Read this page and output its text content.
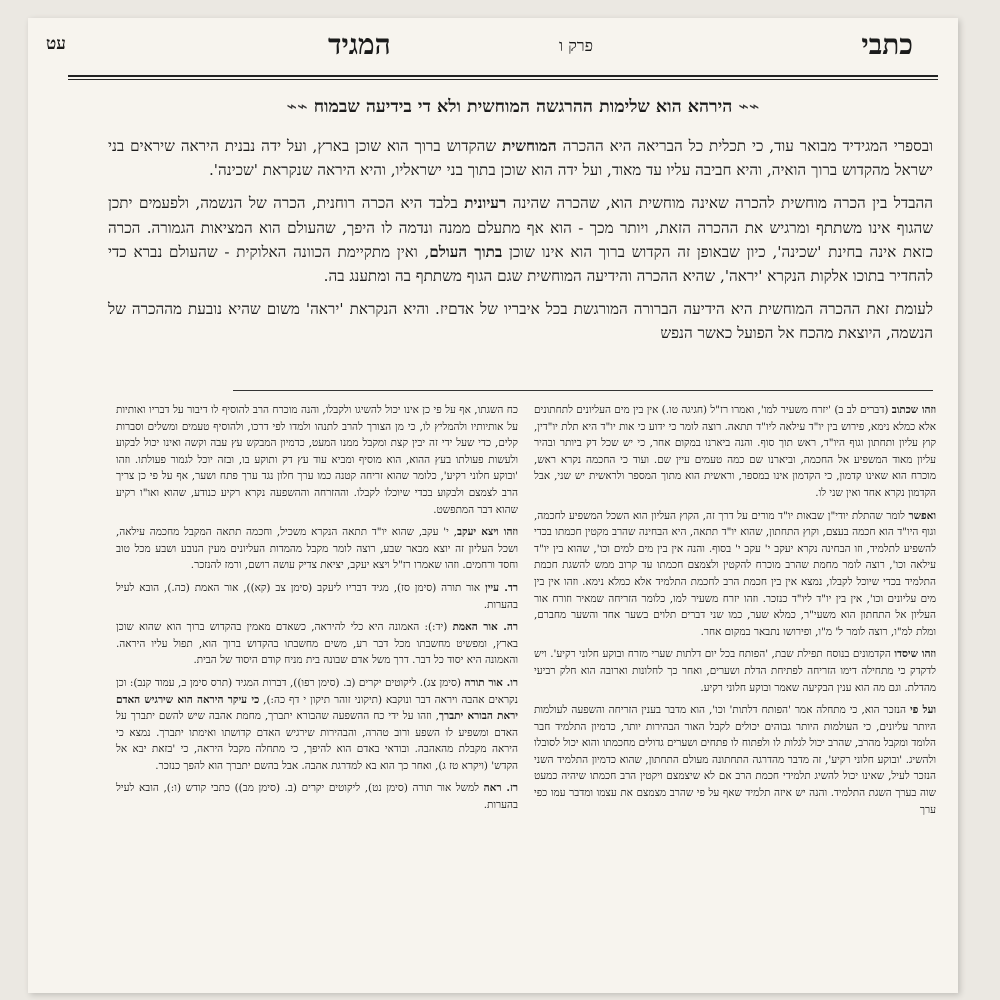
כתבי
פרק ו
המגיד
עט
⌁⌁ הירהא הוא שלימות ההרגשה המוחשית ולא די בידיעה שבמוח ⌁⌁

ובספרי המגידיד מבואר עוד, כי תכלית כל הבריאה היא ההכרה המוחשית שהקדוש ברוך הוא שוכן בארץ, ועל ידה נבנית היראה שיראים בני ישראל מהקדוש ברוך הואיה, והיא חביבה עליו עד מאוד, ועל ידה הוא שוכן בתוך בני ישראליו, והיא היראה שנקראת 'שכינה'.

ההבדל בין הכרה מוחשית להכרה שאינה מוחשית הוא, שהכרה שהינה רעיונית בלבד היא הכרה רוחנית, הכרה של הנשמה, ולפעמים יתכן שהגוף אינו משתתף ומרגיש את ההכרה הזאת, ויותר מכך - הוא אף מתעלם ממנה ונדמה לו היפך, שהעולם הוא המציאות הגמורה. הכרה כזאת אינה בחינת 'שכינה', כיון שבאופן זה הקדוש ברוך הוא אינו שוכן בתוך העולם, ואין מתקיימת הכוונה האלוקית - שהעולם נברא כדי להחדיר בתוכו אלקות הנקרא 'יראה', שהיא ההכרה והידיעה המוחשית שגם הגוף משתתף בה ומתענג בה.

לעומת זאת ההכרה המוחשית היא הידיעה הברורה המורגשת בכל איבריו של אדםיז. והיא הנקראת 'יראה' משום שהיא נובעת מההכרה של הנשמה, היוצאת מהכח אל הפועל כאשר הנפש

וזהו שכתוב (דברים לב ב) 'יזרח משעיר למו', ואמרו רז"ל (חגיגה טו.) אין בין מים העליונים לתחתונים אלא כמלא נימא, פירוש בין יו"ד עילאה ליו"ד תתאה. רוצה לומר כי ידוע כי אות יו"ד היא תלת יו"דין, קוץ עליון ותחתון וגוף היו"ד, ראש תוך סוף. והנה ביארנו במקום אחר, כי יש שכל דק ביותר ובהיר עליון מאוד המשפיע אל החכמה, וביארנו שם כמה טעמים עיין שם. ועוד כי החכמה נקרא ראש, מוכרח הוא שאינו קדמון, כי הקדמון אינו במספר, וראשית הוא מתוך המספר ולראשית יש שני, אבל הקדמון נקרא אחד ואין שני לו.

ואפשר לומר שהתלת יודי"ן שבאות יו"ד מורים על דרך זה, הקוץ העליון הוא השכל המשפיע לחכמה, וגוף היו"ד הוא חכמה בעצם, וקוץ התחתון, שהוא יו"ד תתאה, היא הבחינה שהרב מקטין חכמתו בכדי להשפיע לתלמיד, וזו הבחינה נקרא יעקב י' עקב י' בסוף. והנה אין בין מים למים וכו', שהוא בין יו"ד עילאה וכו', רוצה לומר מחמת שהרב מוכרח להקטין ולצמצם חכמתו עד קרוב ממש להשגת חכמת התלמיד בכדי שיוכל לקבלו, נמצא אין בין חכמת הרב לחכמת התלמיד אלא כמלא נימא. וזהו אין בין מים עליונים וכו', אין בין יו"ד ליו"ד כנזכר. וזהו יזרח משעיר למו, כלומר הזריחה שמאיר וזורח אור העליון אל התחתון הוא משעי"ר, כמלא שער, כמו שני דברים תלוים בשער אחד והשער מחברם, ומלת למ"ו, רוצה לומר ל' מ"ו, ופירושו נתבאר במקום אחר.

וזהו שיסדו הקדמונים בנוסח תפילת שבת, 'הפותח בכל יום דלתות שערי מזרח ובוקע חלוני רקיע'. ויש לדקדק כי מתחילה דימו הזריחה לפתיחת הדלת ושערים, ואחר כך לחלונות וארובה הוא חלק רביעי מהדלת. וגם מה הוא ענין הבקיעה שאמר ובוקע חלוני רקיע.

ועל פי הנזכר הוא, כי מתחלה אמר 'הפותח דלתות' וכו', הוא מדבר בענין הזריחה והשפעה לעולמות היותר עליונים, כי העולמות היותר גבוהים יכולים לקבל האור הבהירות יותר, כדמיון התלמיד חבר הלומד ומקבל מהרב, שהרב יכול לגלות לו ולפתוח לו פתחים ושערים גדולים מחכמתו והוא יכול לסובלו ולהשיג. 'ובוקע חלוני רקיע', זה מדבר מהדרגה התחתונה מעולם התחתון, שהוא כדמיון התלמיד השני הנזכר לעיל, שאינו יכול להשיג תלמידי חכמת הרב אם לא שיצמצם ויקטין הרב חכמתו שיהיה כמעט שוה בערך השגת התלמיד. והנה יש איזה תלמיד שאף על פי שהרב מצמצם את עצמו ומדבר עמו כפי ערך

כח השגתו, אף על פי כן אינו יכול להשיגו ולקבלו, והנה מוכרח הרב להוסיף לו דיבור על דבריו ואותיות על אותיותיו ולהמליץ לו, כי מן הצורך להרב לתנהו ולמדו לפי דרכו, ולהוסיף טעמים ומשלים וסברות קלים, כדי שעל ידי זה יבין קצת ומקבל ממנו המעט, כדמיון המבקש עץ עבה וקשה ואינו יכול לבקוע ולעשות פעולתו בעץ ההוא, הוא מוסיף ומביא עוד עץ דק ותוקע בו, ובזה יוכל לגמור פעולתו. וזהו 'ובוקע חלוני רקיע', כלומר שהוא זריחה קטנה כמו ערך חלון נגד ערך פתח ושער, אף על פי כן צריך הרב לצמצם ולבקוע בכדי שיוכלו לקבלו. וההזרחה וההשפעה נקרא רקיע כנודע, שהוא ואו"ו רקיע שהוא דבר המתפשט.

וזהו ויצא יעקב, י' עקב, שהוא יו"ד תתאה הנקרא משכיל, וחכמה תתאה המקבל מחכמה עילאה, ושכל העליון זה יוצא מבאר שבע, רוצה לומר מקבל מהמדות העליונים מעין הנובע ושבע מכל טוב וחסד ורחמים. וזהו שאמרו רז"ל ויצא יעקב, יציאת צדיק עושה רושם, ורמז להנזכר.

רד. עיין אור תורה (סימן סז), מגיד דבריו ליעקב (סימן צב (קא)), אור האמת (כה.), הובא לעיל בהערות.

רה. אור האמת (יד:): האמונה היא כלי להיראה, כשאדם מאמין בהקדוש ברוך הוא שהוא שוכן בארץ, ומפשיט מחשבתו מכל דבר רע, משים מחשבתו בהקדוש ברוך הוא, תפול עליו היראה. והאמונה היא יסוד כל דבר. דרך משל אדם שבונה בית מניח קודם היסוד של הבית.

רו. אור תורה (סימן צג). ליקוטים יקרים (ב. (סימן רפו)), דברות המגיד (תרס סימן ב, עמוד קנב): וכן נקראים אהבה ויראה דבר ונוקבא (תיקוני זוהר תיקון י דף כה:), כי עיקר היראה הוא שירגיש האדם יראת הבורא יתברך, וזהו על ידי כח ההשפעה שהבורא יתברך, מחמת אהבה שיש להשם יתברך על האדם ומשפיע לו השפע ורוב טהרה, והבהירות שירגיש האדם קדושתו ואימתו יתברך. נמצא כי היראה מקבלת מהאהבה. ובודאי באדם הוא להיפך, כי מתחלה מקבל היראה, כי 'בזאת יבא אל הקדש' (ויקרא טז ג), ואחר כך הוא בא למדרגת אהבה. אבל בהשם יתברך הוא להפך כנזכר.

רז. ראה למשל אור תורה (סימן נט), ליקוטים יקרים (ב. (סימן מב)) כתבי קודש (ו:), הובא לעיל בהערות.
